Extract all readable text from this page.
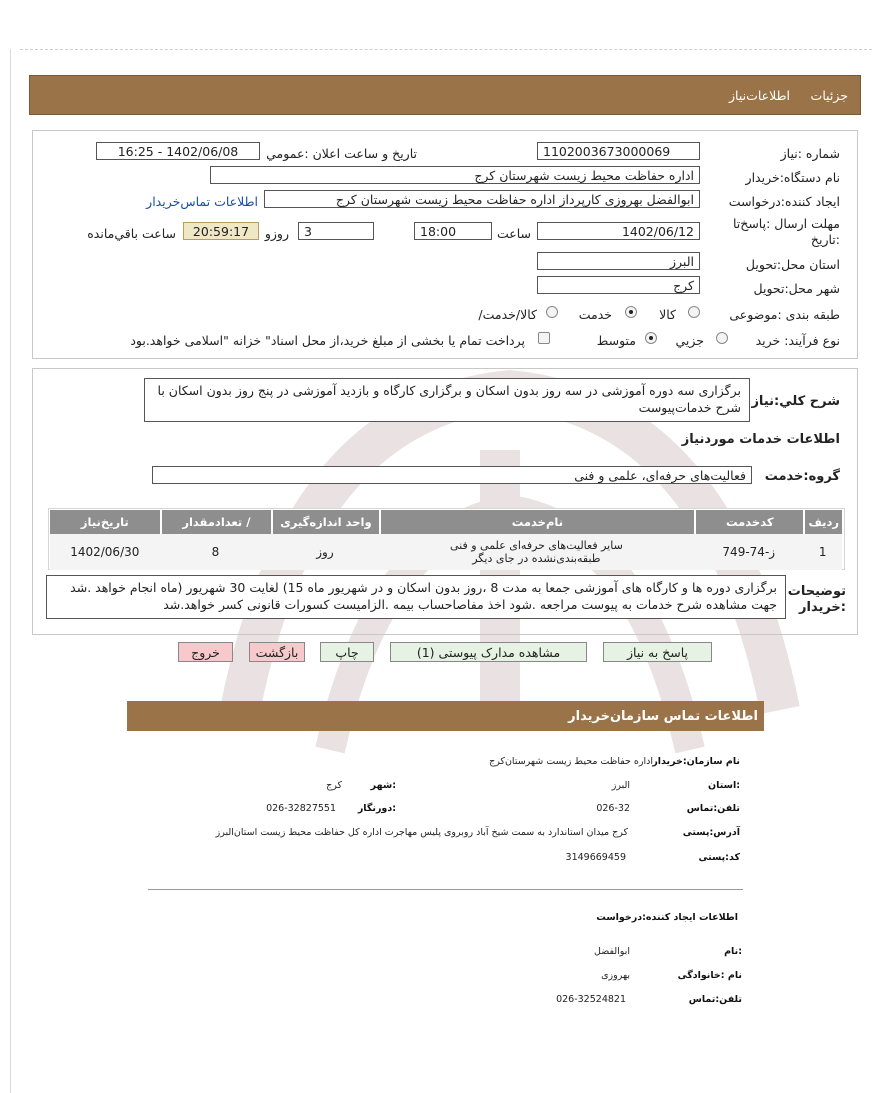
جزئیات
اطلاعات‌نیاز
شماره :نیاز
1102003673000069
تاریخ و ساعت اعلان :عمومي
1402/06/08 - 16:25
نام دستگاه:خریدار
اداره حفاظت محیط زیست شهرستان کرج
ایجاد کننده:درخواست
ابوالفضل بهروزی کارپرداز اداره حفاظت محیط زیست شهرستان کرج
اطلاعات تماس‌خریدار
مهلت ارسال :پاسخ‌تا
:تاریخ
1402/06/12
ساعت
18:00
3
روزو
20:59:17
ساعت باقي‌مانده
استان محل:تحویل
البرز
شهر محل:تحویل
کرج
طبقه بندی :موضوعی
کالا
خدمت
کالا/خدمت/
نوع فرآیند: خرید
جزیي
متوسط
پرداخت تمام یا بخشی از مبلغ خرید،از محل اسناد" خزانه "اسلامی خواهد.بود
شرح کلي:نیاز
برگزاری سه دوره آموزشی در سه روز بدون اسکان و برگزاری کارگاه و بازدید آموزشی در پنج روز بدون اسکان با
شرح خدمات‌پیوست
اطلاعات خدمات موردنیاز
گروه:خدمت
فعالیت‌های حرفه‌ای، علمی و فنی
ردیف	کدخدمت	نام‌خدمت	واحد اندازه‌گیری	/ تعدادمقدار	تاریخ‌نیاز
1	ز-74-749	سایر فعالیت‌های حرفه‌ای علمی و فنی
طبقه‌بندی‌نشده در جای دیگر	روز	8	1402/06/30
توضیحات
:خریدار
برگزاری دوره ها و کارگاه های آموزشی جمعا به مدت 8 ،روز بدون اسکان و در شهریور ماه 15) لغایت 30 شهریور (ماه انجام خواهد .شد
جهت مشاهده شرح خدمات به پیوست مراجعه .شود اخذ مفاصاحساب بیمه .الزامیست کسورات قانونی کسر خواهد.شد
پاسخ به نیاز
مشاهده مدارک پیوستی (1)
چاپ
بازگشت
خروج
اطلاعات تماس سازمان‌خریدار
نام سازمان:خریدار
اداره حفاظت محیط زیست شهرستان‌کرج
:استان
البرز
:شهر
کرج
تلفن:تماس
026-32
:دورنگار
026-32827551
آدرس:پستی
کرج میدان استاندارد به سمت شیخ آباد روبروی پلیس مهاجرت اداره کل حفاظت محیط زیست استان‌البرز
کد:پستی
3149669459
اطلاعات ایجاد کننده:درخواست
:نام
ابوالفضل
نام :خانوادگی
بهروزی
تلفن:تماس
026-32524821
